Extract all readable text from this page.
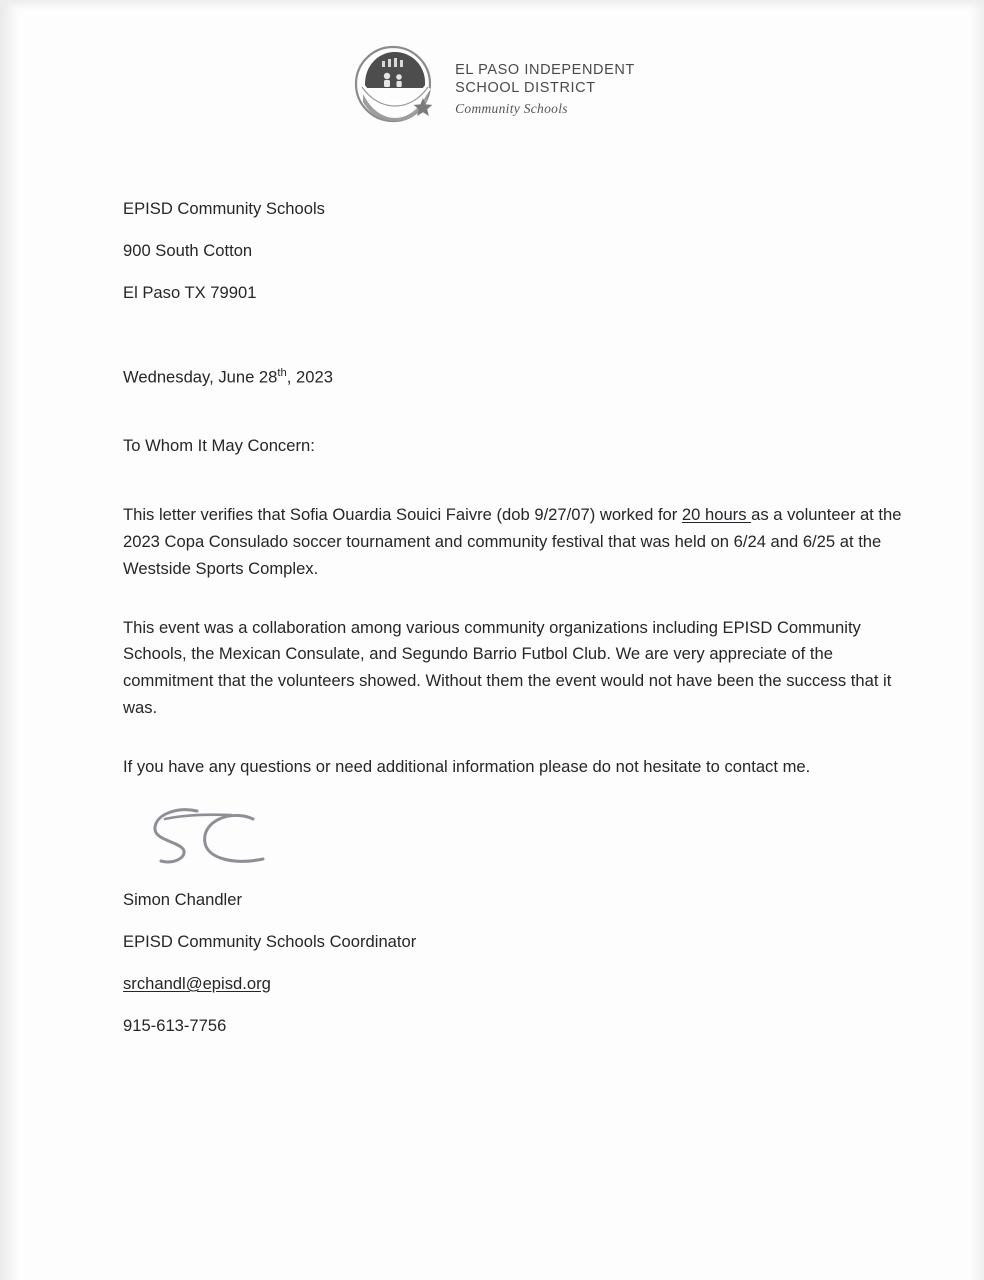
EL PASO INDEPENDENT
SCHOOL DISTRICT
Community Schools
EPISD Community Schools
900 South Cotton
El Paso TX 79901
Wednesday, June 28th, 2023
To Whom It May Concern:

This letter verifies that Sofia Ouardia Souici Faivre (dob 9/27/07) worked for 20 hours as a volunteer at the 2023 Copa Consulado soccer tournament and community festival that was held on 6/24 and 6/25 at the Westside Sports Complex.

This event was a collaboration among various community organizations including EPISD Community Schools, the Mexican Consulate, and Segundo Barrio Futbol Club. We are very appreciate of the commitment that the volunteers showed. Without them the event would not have been the success that it was.

If you have any questions or need additional information please do not hesitate to contact me.

Simon Chandler
EPISD Community Schools Coordinator
srchandl@episd.org
915-613-7756
